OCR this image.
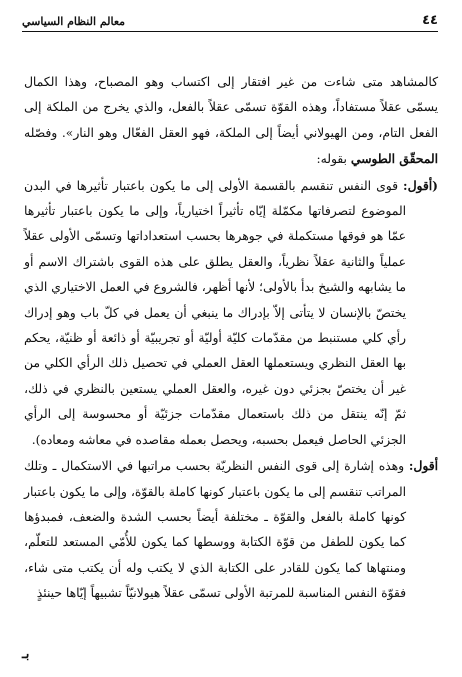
٤٤
معالم النظام السياسي

كالمشاهد متى شاءت من غير افتقار إلى اكتساب وهو المصباح، وهذا الكمال يسمّى عقلاً مستفاداً، وهذه القوّة تسمّى عقلاً بالفعل، والذي يخرج من الملكة إلى الفعل التام، ومن الهيولاني أيضاً إلى الملكة، فهو العقل الفعّال وهو النار». وفصّله المحقّق الطوسي بقوله:

(أقول: قوى النفس تنقسم بالقسمة الأولى إلى ما يكون باعتبار تأثيرها في البدن الموضوع لتصرفاتها مكمّلة إيّاه تأثيراً اختيارياً، وإلى ما يكون باعتبار تأثيرها عمّا هو فوقها مستكملة في جوهرها بحسب استعداداتها وتسمّى الأولى عقلاً عملياً والثانية عقلاً نظرياً، والعقل يطلق على هذه القوى باشتراك الاسم أو ما يشابهه والشيخ بدأ بالأولى؛ لأنها أظهر، فالشروع في العمل الاختياري الذي يختصّ بالإنسان لا يتأتى إلاّ بإدراك ما ينبغي أن يعمل في كلّ باب وهو إدراك رأي كلي مستنبط من مقدّمات كليّة أوليّة أو تجريبيّة أو ذائعة أو ظنيّة، يحكم بها العقل النظري ويستعملها العقل العملي في تحصيل ذلك الرأي الكلي من غير أن يختصّ بجزئي دون غيره، والعقل العملي يستعين بالنظري في ذلك، ثمّ إنّه ينتقل من ذلك باستعمال مقدّمات جزئيّة أو محسوسة إلى الرأي الجزئي الحاصل فيعمل بحسبه، ويحصل بعمله مقاصده في معاشه ومعاده).

أقول: وهذه إشارة إلى قوى النفس النظريّة بحسب مراتبها في الاستكمال ـ وتلك المراتب تنقسم إلى ما يكون باعتبار كونها كاملة بالقوّة، وإلى ما يكون باعتبار كونها كاملة بالفعل والقوّة ـ مختلفة أيضاً بحسب الشدة والضعف، فمبدؤها كما يكون للطفل من قوّة الكتابة ووسطها كما يكون للأُمّي المستعد للتعلّم، ومنتهاها كما يكون للقادر على الكتابة الذي لا يكتب وله أن يكتب متى شاء، فقوّة النفس المناسبة للمرتبة الأولى تسمّى عقلاً هيولانيّاً تشبيهاً إيّاها حينئذٍ

بـ
